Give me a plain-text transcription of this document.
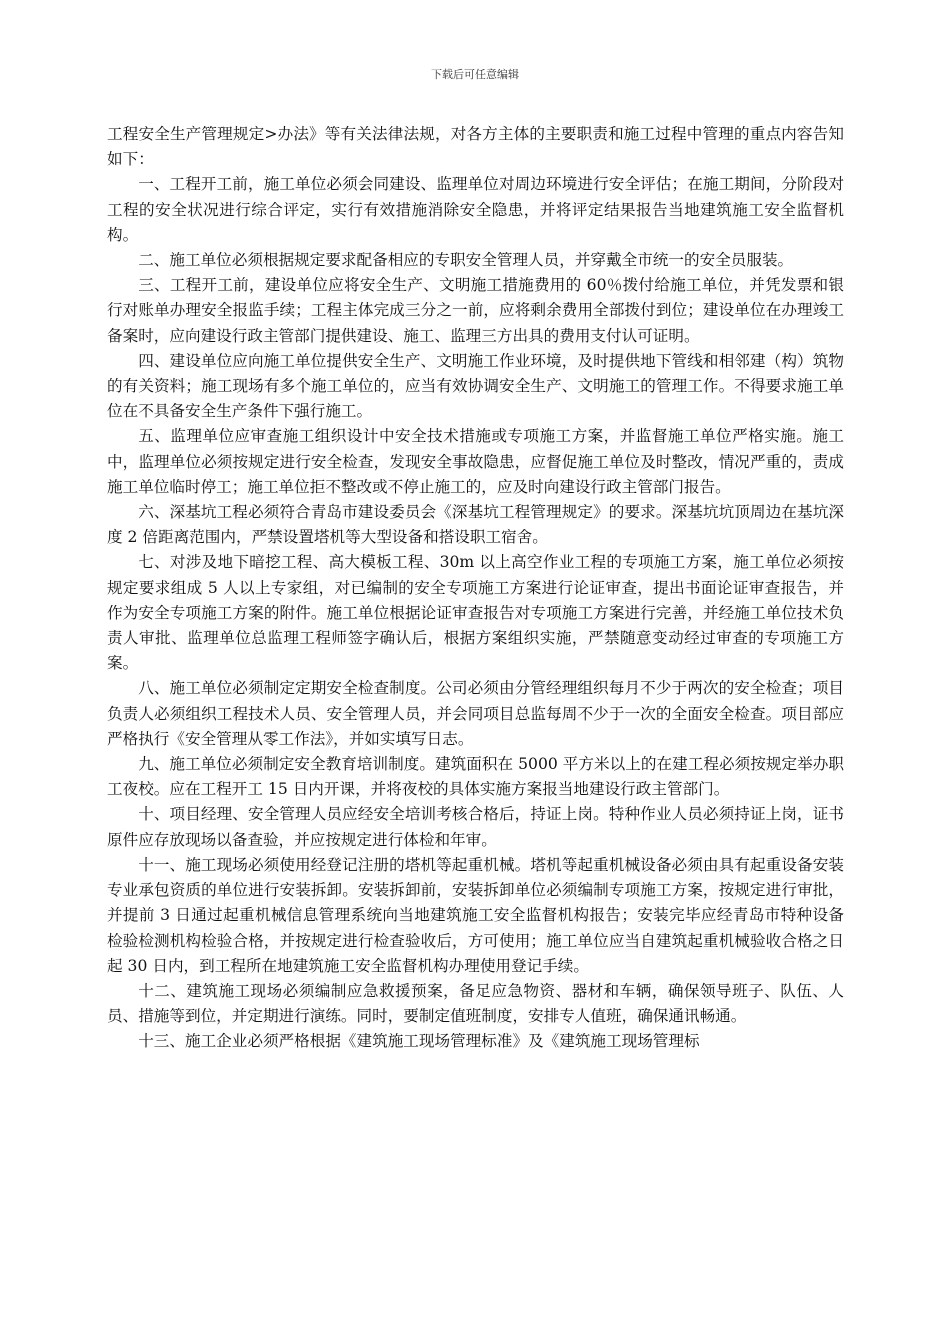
下载后可任意编辑

工程安全生产管理规定>办法》等有关法律法规，对各方主体的主要职责和施工过程中管理的重点内容告知如下：

一、工程开工前，施工单位必须会同建设、监理单位对周边环境进行安全评估；在施工期间，分阶段对工程的安全状况进行综合评定，实行有效措施消除安全隐患，并将评定结果报告当地建筑施工安全监督机构。

二、施工单位必须根据规定要求配备相应的专职安全管理人员，并穿戴全市统一的安全员服装。

三、工程开工前，建设单位应将安全生产、文明施工措施费用的 60％拨付给施工单位，并凭发票和银行对账单办理安全报监手续；工程主体完成三分之一前，应将剩余费用全部拨付到位；建设单位在办理竣工备案时，应向建设行政主管部门提供建设、施工、监理三方出具的费用支付认可证明。

四、建设单位应向施工单位提供安全生产、文明施工作业环境，及时提供地下管线和相邻建（构）筑物的有关资料；施工现场有多个施工单位的，应当有效协调安全生产、文明施工的管理工作。不得要求施工单位在不具备安全生产条件下强行施工。

五、监理单位应审查施工组织设计中安全技术措施或专项施工方案，并监督施工单位严格实施。施工中，监理单位必须按规定进行安全检查，发现安全事故隐患，应督促施工单位及时整改，情况严重的，责成施工单位临时停工；施工单位拒不整改或不停止施工的，应及时向建设行政主管部门报告。

六、深基坑工程必须符合青岛市建设委员会《深基坑工程管理规定》的要求。深基坑坑顶周边在基坑深度 2 倍距离范围内，严禁设置塔机等大型设备和搭设职工宿舍。

七、对涉及地下暗挖工程、高大模板工程、30m 以上高空作业工程的专项施工方案，施工单位必须按规定要求组成 5 人以上专家组，对已编制的安全专项施工方案进行论证审查，提出书面论证审查报告，并作为安全专项施工方案的附件。施工单位根据论证审查报告对专项施工方案进行完善，并经施工单位技术负责人审批、监理单位总监理工程师签字确认后，根据方案组织实施，严禁随意变动经过审查的专项施工方案。

八、施工单位必须制定定期安全检查制度。公司必须由分管经理组织每月不少于两次的安全检查；项目负责人必须组织工程技术人员、安全管理人员，并会同项目总监每周不少于一次的全面安全检查。项目部应严格执行《安全管理从零工作法》，并如实填写日志。

九、施工单位必须制定安全教育培训制度。建筑面积在 5000 平方米以上的在建工程必须按规定举办职工夜校。应在工程开工 15 日内开课，并将夜校的具体实施方案报当地建设行政主管部门。

十、项目经理、安全管理人员应经安全培训考核合格后，持证上岗。特种作业人员必须持证上岗，证书原件应存放现场以备查验，并应按规定进行体检和年审。

十一、施工现场必须使用经登记注册的塔机等起重机械。塔机等起重机械设备必须由具有起重设备安装专业承包资质的单位进行安装拆卸。安装拆卸前，安装拆卸单位必须编制专项施工方案，按规定进行审批，并提前 3 日通过起重机械信息管理系统向当地建筑施工安全监督机构报告；安装完毕应经青岛市特种设备检验检测机构检验合格，并按规定进行检查验收后，方可使用；施工单位应当自建筑起重机械验收合格之日起 30 日内，到工程所在地建筑施工安全监督机构办理使用登记手续。

十二、建筑施工现场必须编制应急救援预案，备足应急物资、器材和车辆，确保领导班子、队伍、人员、措施等到位，并定期进行演练。同时，要制定值班制度，安排专人值班，确保通讯畅通。

十三、施工企业必须严格根据《建筑施工现场管理标准》及《建筑施工现场管理标
